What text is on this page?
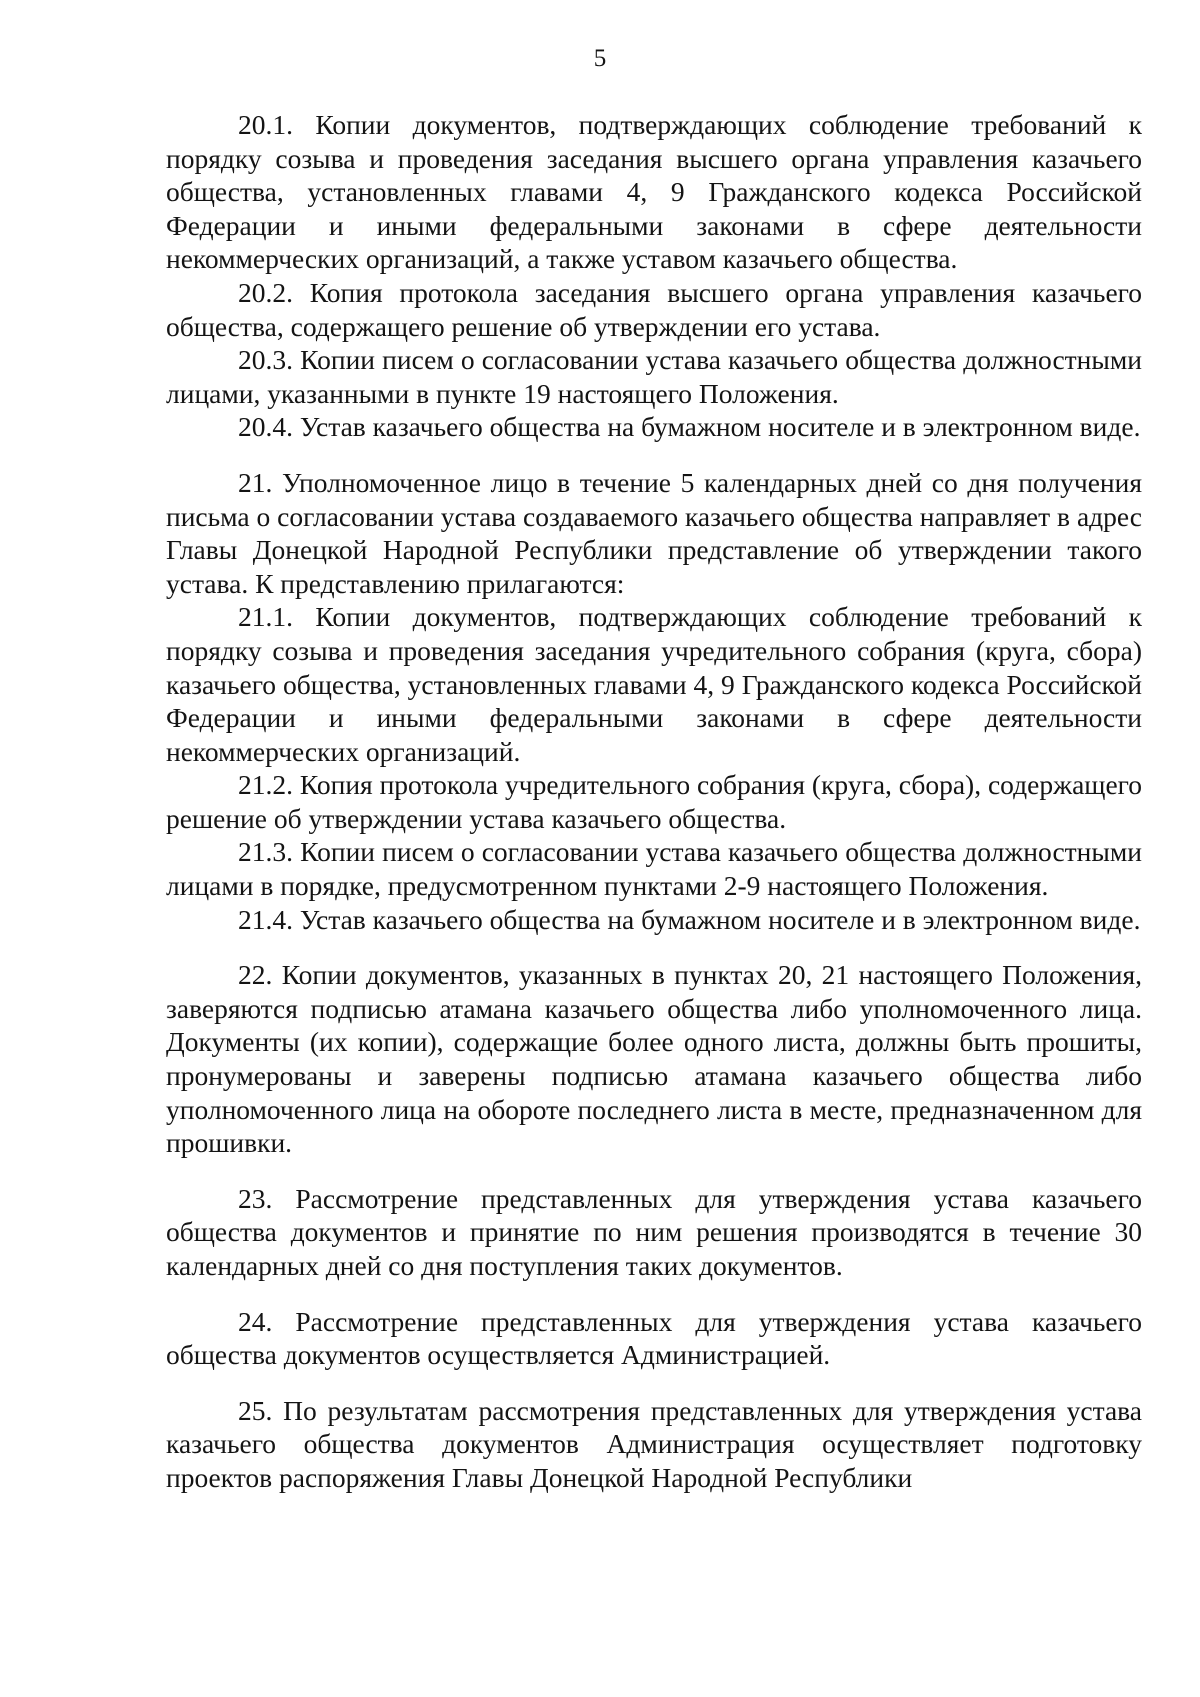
5

20.1. Копии документов, подтверждающих соблюдение требований к порядку созыва и проведения заседания высшего органа управления казачьего общества, установленных главами 4, 9 Гражданского кодекса Российской Федерации и иными федеральными законами в сфере деятельности некоммерческих организаций, а также уставом казачьего общества.

20.2. Копия протокола заседания высшего органа управления казачьего общества, содержащего решение об утверждении его устава.

20.3. Копии писем о согласовании устава казачьего общества должностными лицами, указанными в пункте 19 настоящего Положения.

20.4. Устав казачьего общества на бумажном носителе и в электронном виде.

21. Уполномоченное лицо в течение 5 календарных дней со дня получения письма о согласовании устава создаваемого казачьего общества направляет в адрес Главы Донецкой Народной Республики представление об утверждении такого устава. К представлению прилагаются:

21.1. Копии документов, подтверждающих соблюдение требований к порядку созыва и проведения заседания учредительного собрания (круга, сбора) казачьего общества, установленных главами 4, 9 Гражданского кодекса Российской Федерации и иными федеральными законами в сфере деятельности некоммерческих организаций.

21.2. Копия протокола учредительного собрания (круга, сбора), содержащего решение об утверждении устава казачьего общества.

21.3. Копии писем о согласовании устава казачьего общества должностными лицами в порядке, предусмотренном пунктами 2-9 настоящего Положения.

21.4. Устав казачьего общества на бумажном носителе и в электронном виде.

22. Копии документов, указанных в пунктах 20, 21 настоящего Положения, заверяются подписью атамана казачьего общества либо уполномоченного лица. Документы (их копии), содержащие более одного листа, должны быть прошиты, пронумерованы и заверены подписью атамана казачьего общества либо уполномоченного лица на обороте последнего листа в месте, предназначенном для прошивки.

23. Рассмотрение представленных для утверждения устава казачьего общества документов и принятие по ним решения производятся в течение 30 календарных дней со дня поступления таких документов.

24. Рассмотрение представленных для утверждения устава казачьего общества документов осуществляется Администрацией.

25. По результатам рассмотрения представленных для утверждения устава казачьего общества документов Администрация осуществляет подготовку проектов распоряжения Главы Донецкой Народной Республики
